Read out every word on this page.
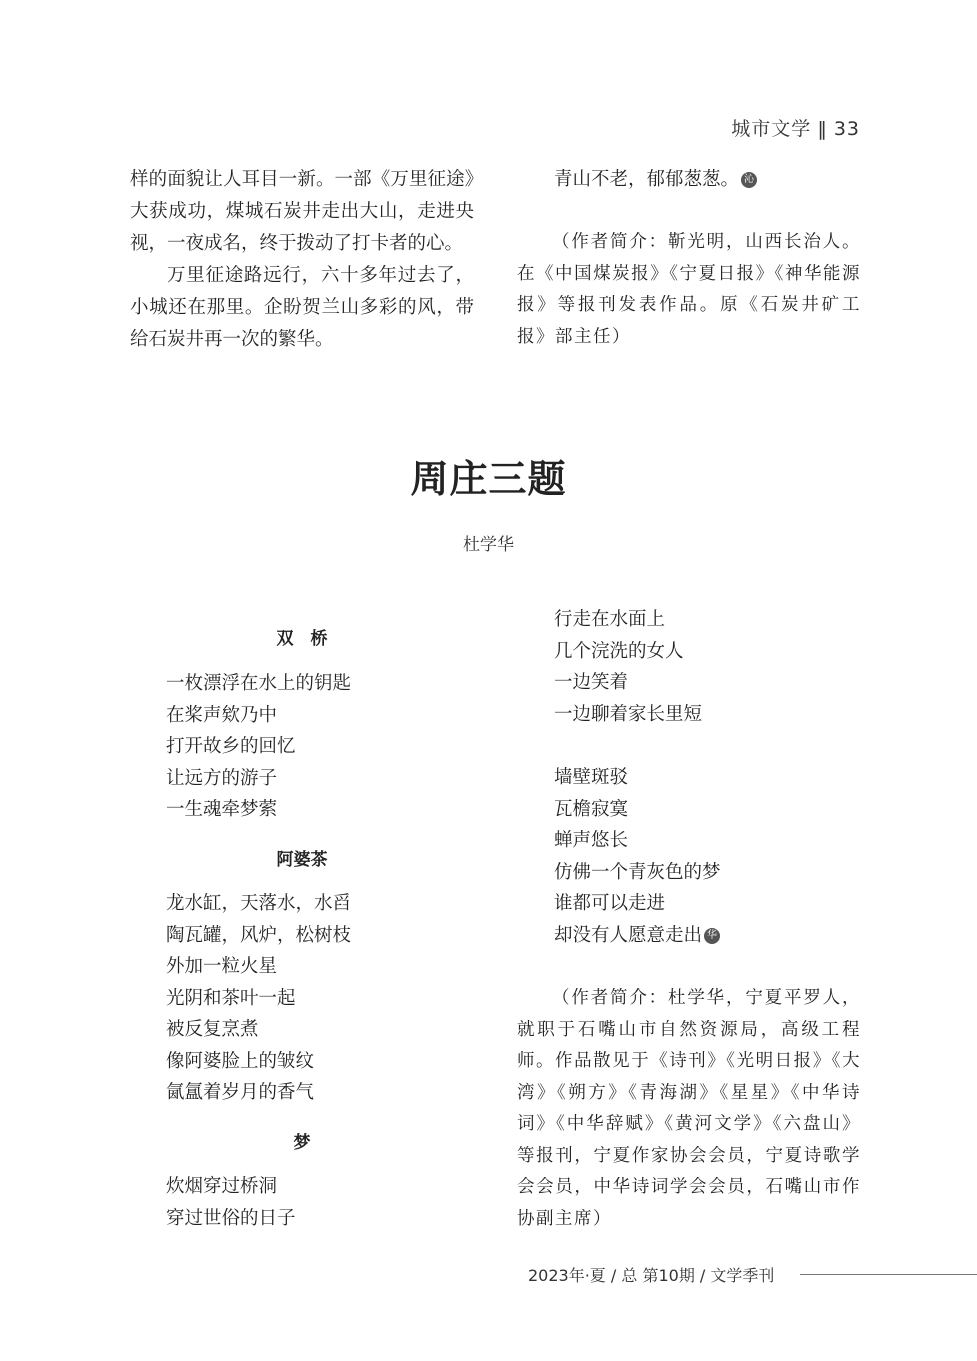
城市文学 ‖ 33

样的面貌让人耳目一新。一部《万里征途》大获成功，煤城石炭井走出大山，走进央视，一夜成名，终于拨动了打卡者的心。

万里征途路远行，六十多年过去了，小城还在那里。企盼贺兰山多彩的风，带给石炭井再一次的繁华。

青山不老，郁郁葱葱。 沁

（作者简介：靳光明，山西长治人。在《中国煤炭报》《宁夏日报》《神华能源报》等报刊发表作品。原《石炭井矿工报》部主任）

周庄三题
杜学华
双　桥
一枚漂浮在水上的钥匙
在桨声欸乃中
打开故乡的回忆
让远方的游子
一生魂牵梦萦
阿婆茶
龙水缸，天落水，水舀
陶瓦罐，风炉，松树枝
外加一粒火星
光阴和茶叶一起
被反复烹煮
像阿婆脸上的皱纹
氤氲着岁月的香气
梦
炊烟穿过桥洞
穿过世俗的日子
行走在水面上
几个浣洗的女人
一边笑着
一边聊着家长里短
墙壁斑驳
瓦檐寂寞
蝉声悠长
仿佛一个青灰色的梦
谁都可以走进
却没有人愿意走出 华

（作者简介：杜学华，宁夏平罗人，就职于石嘴山市自然资源局，高级工程师。作品散见于《诗刊》《光明日报》《大湾》《朔方》《青海湖》《星星》《中华诗词》《中华辞赋》《黄河文学》《六盘山》等报刊，宁夏作家协会会员，宁夏诗歌学会会员，中华诗词学会会员，石嘴山市作协副主席）

2023年·夏 / 总 第10期 / 文学季刊
